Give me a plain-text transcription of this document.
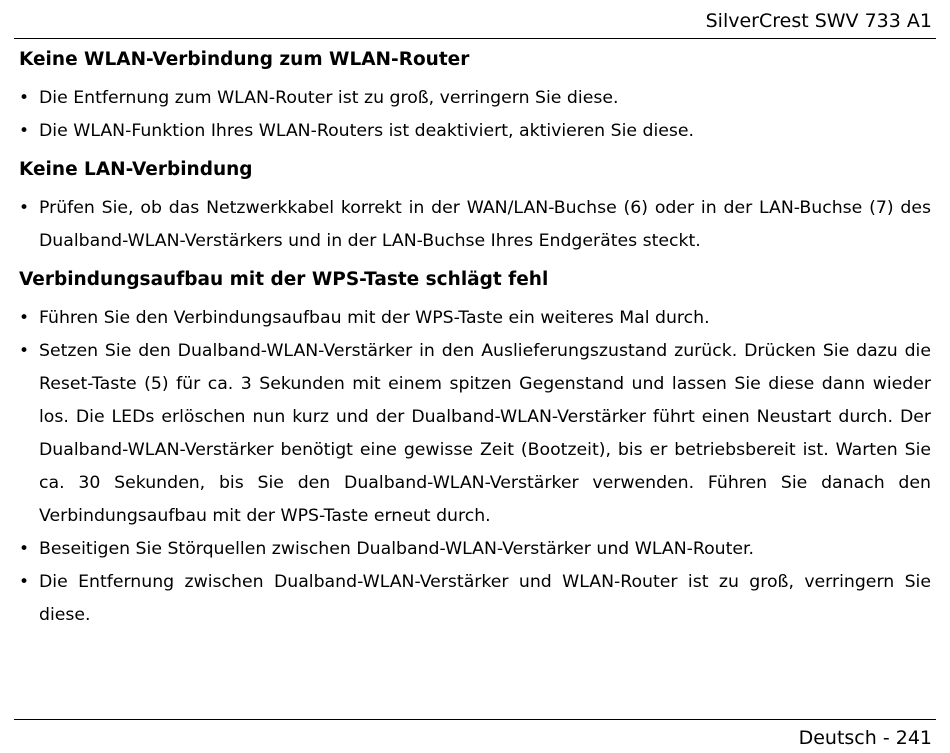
SilverCrest SWV 733 A1
Keine WLAN-Verbindung zum WLAN-Router
• Die Entfernung zum WLAN-Router ist zu groß, verringern Sie diese.
• Die WLAN-Funktion Ihres WLAN-Routers ist deaktiviert, aktivieren Sie diese.
Keine LAN-Verbindung
• Prüfen Sie, ob das Netzwerkkabel korrekt in der WAN/LAN-Buchse (6) oder in der LAN-Buchse (7) des Dualband-WLAN-Verstärkers und in der LAN-Buchse Ihres Endgerätes steckt.
Verbindungsaufbau mit der WPS-Taste schlägt fehl
• Führen Sie den Verbindungsaufbau mit der WPS-Taste ein weiteres Mal durch.
• Setzen Sie den Dualband-WLAN-Verstärker in den Auslieferungszustand zurück. Drücken Sie dazu die Reset-Taste (5) für ca. 3 Sekunden mit einem spitzen Gegenstand und lassen Sie diese dann wieder los. Die LEDs erlöschen nun kurz und der Dualband-WLAN-Verstärker führt einen Neustart durch. Der Dualband-WLAN-Verstärker benötigt eine gewisse Zeit (Bootzeit), bis er betriebsbereit ist. Warten Sie ca. 30 Sekunden, bis Sie den Dualband-WLAN-Verstärker verwenden. Führen Sie danach den Verbindungsaufbau mit der WPS-Taste erneut durch.
• Beseitigen Sie Störquellen zwischen Dualband-WLAN-Verstärker und WLAN-Router.
• Die Entfernung zwischen Dualband-WLAN-Verstärker und WLAN-Router ist zu groß, verringern Sie diese.
Deutsch - 241
